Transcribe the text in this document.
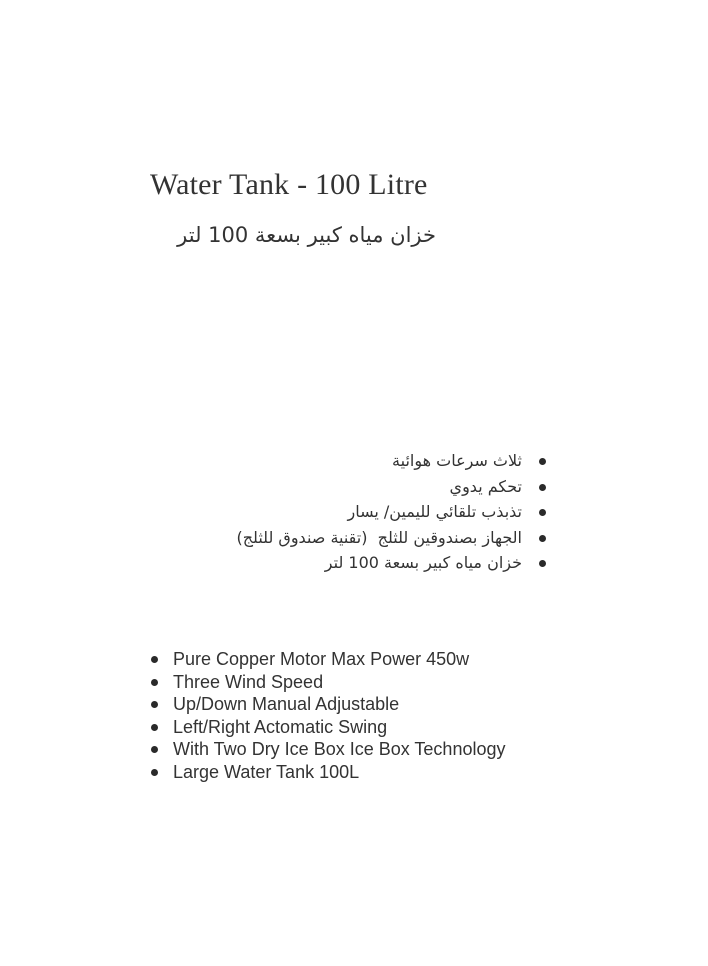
Water Tank - 100 Litre
خزان مياه كبير بسعة 100 لتر
ثلاث سرعات هوائية
تحكم يدوي
تذبذب تلقائي لليمين/ يسار
الجهاز بصندوقين للثلج  (تقنية صندوق للثلج)
خزان مياه كبير بسعة 100 لتر
Pure Copper Motor Max Power 450w
Three Wind Speed
Up/Down Manual Adjustable
Left/Right Actomatic Swing
With Two Dry Ice Box Ice Box Technology
Large Water Tank 100L
